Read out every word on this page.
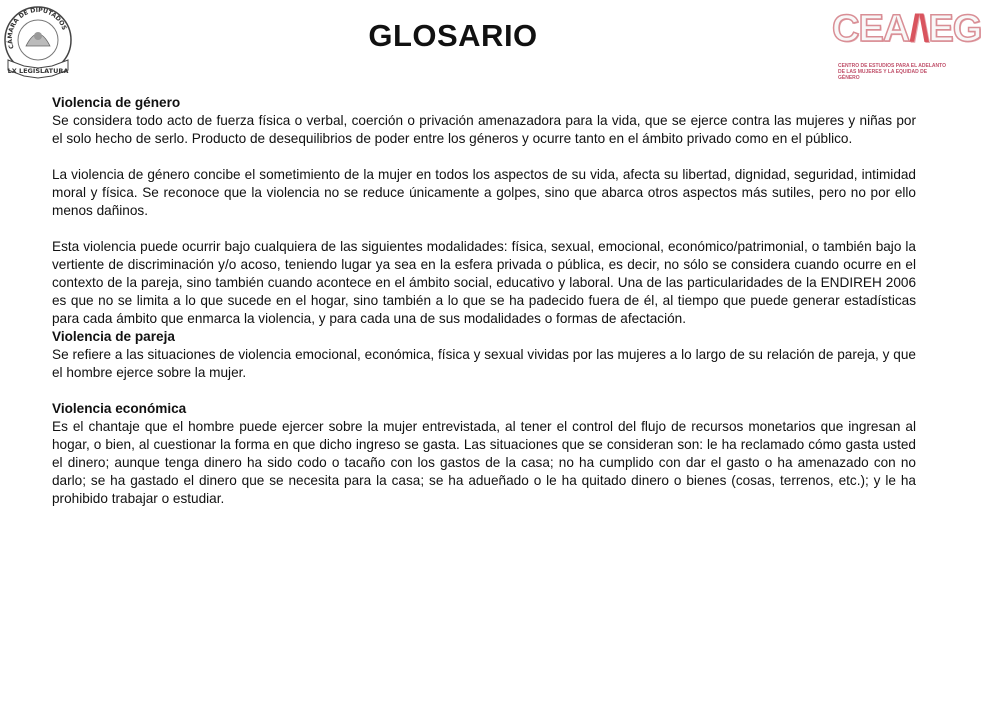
CÁMARA DE DIPUTADOS
LX LEGISLATURA
GLOSARIO	CEA/\EG
CENTRO DE ESTUDIOS PARA EL ADELANTO
DE LAS MUJERES Y LA EQUIDAD DE GÉNERO

Violencia de género

Se considera todo acto de fuerza física o verbal, coerción o privación amenazadora para la vida, que se ejerce contra las mujeres y niñas por el solo hecho de serlo. Producto de desequilibrios de poder entre los géneros y ocurre tanto en el ámbito privado como en el público.

La violencia de género concibe el sometimiento de la mujer en todos los aspectos de su vida, afecta su libertad, dignidad, seguridad, intimidad moral y física. Se reconoce que la violencia no se reduce únicamente a golpes, sino que abarca otros aspectos más sutiles, pero no por ello menos dañinos.

Esta violencia puede ocurrir bajo cualquiera de las siguientes modalidades: física, sexual, emocional, económico/patrimonial, o también bajo la vertiente de discriminación y/o acoso, teniendo lugar ya sea en la esfera privada o pública, es decir, no sólo se considera cuando ocurre en el contexto de la pareja, sino también cuando acontece en el ámbito social, educativo y laboral. Una de las particularidades de la ENDIREH 2006 es que no se limita a lo que sucede en el hogar, sino también a lo que se ha padecido fuera de él, al tiempo que puede generar estadísticas para cada ámbito que enmarca la violencia, y para cada una de sus modalidades o formas de afectación.

Violencia de pareja

Se refiere a las situaciones de violencia emocional, económica, física y sexual vividas por las mujeres a lo largo de su relación de pareja, y que el hombre ejerce sobre la mujer.

Violencia económica

Es el chantaje que el hombre puede ejercer sobre la mujer entrevistada, al tener el control del flujo de recursos monetarios que ingresan al hogar, o bien, al cuestionar la forma en que dicho ingreso se gasta. Las situaciones que se consideran son: le ha reclamado cómo gasta usted el dinero; aunque tenga dinero ha sido codo o tacaño con los gastos de la casa; no ha cumplido con dar el gasto o ha amenazado con no darlo; se ha gastado el dinero que se necesita para la casa; se ha adueñado o le ha quitado dinero o bienes (cosas, terrenos, etc.); y le ha prohibido trabajar o estudiar.
